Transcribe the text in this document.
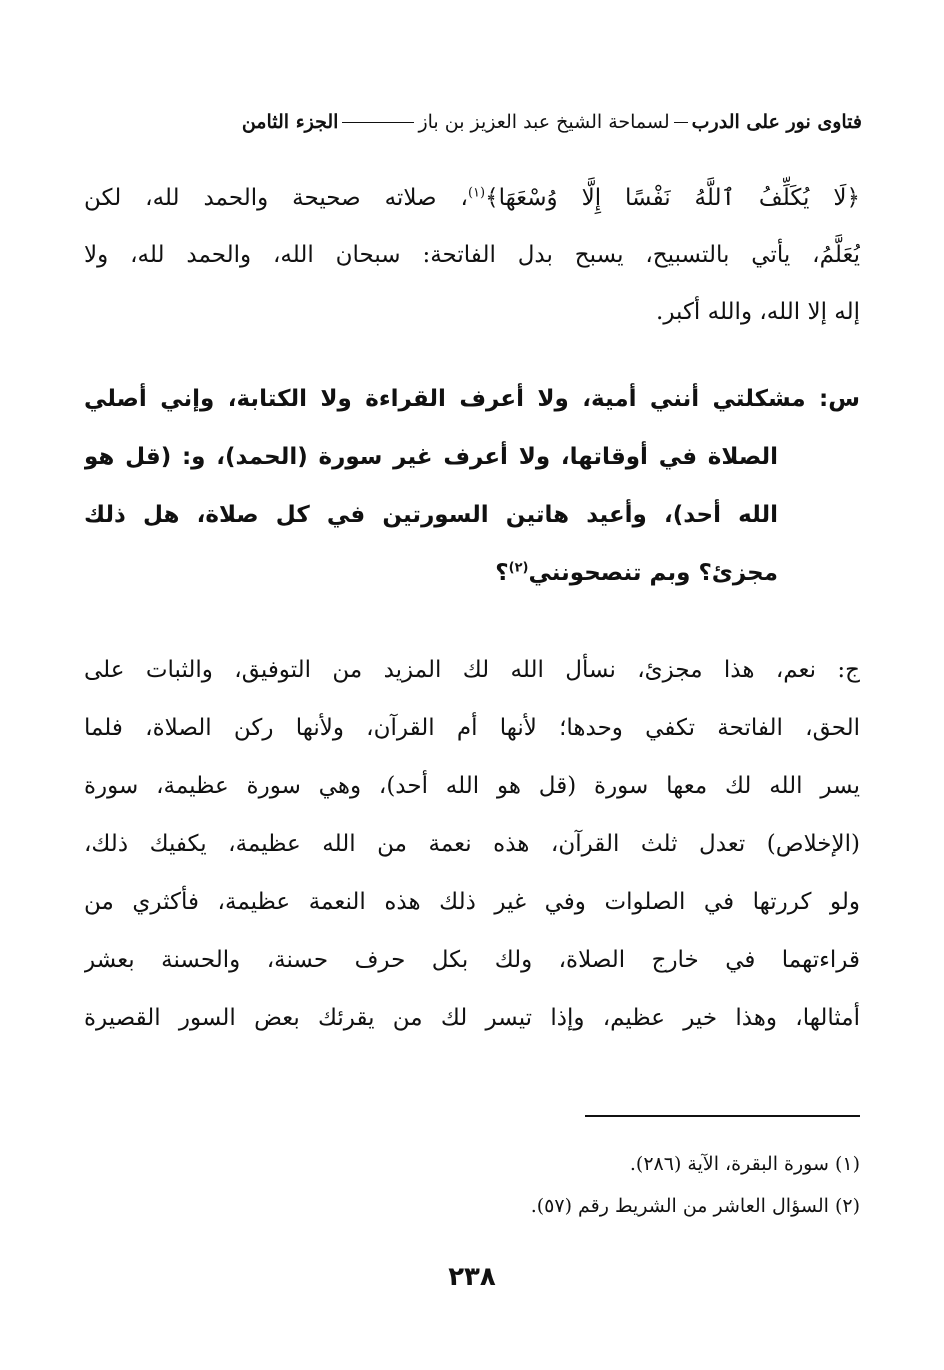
فتاوى نور على الدرب
لسماحة الشيخ عبد العزيز بن باز
الجزء الثامن
﴿لَا يُكَلِّفُ ٱللَّهُ نَفْسًا إِلَّا وُسْعَهَا﴾$^{(١)}$، صلاته صحيحة والحمد لله، لكن
يُعَلَّمُ، يأتي بالتسبيح، يسبح بدل الفاتحة: سبحان الله، والحمد لله، ولا
إله إلا الله، والله أكبر.
س: مشكلتي أنني أمية، ولا أعرف القراءة ولا الكتابة، وإني أصلي
الصلاة في أوقاتها، ولا أعرف غير سورة (الحمد)، و: (قل هو
الله أحد)، وأعيد هاتين السورتين في كل صلاة، هل ذلك
مجزئ؟ وبم تنصحونني$^{(٢)}$؟
ج: نعم، هذا مجزئ، نسأل الله لك المزيد من التوفيق، والثبات على
الحق، الفاتحة تكفي وحدها؛ لأنها أم القرآن، ولأنها ركن الصلاة، فلما
يسر الله لك معها سورة (قل هو الله أحد)، وهي سورة عظيمة، سورة
(الإخلاص) تعدل ثلث القرآن، هذه نعمة من الله عظيمة، يكفيك ذلك،
ولو كررتها في الصلوات وفي غير ذلك هذه النعمة عظيمة، فأكثري من
قراءتهما في خارج الصلاة، ولك بكل حرف حسنة، والحسنة بعشر
أمثالها، وهذا خير عظيم، وإذا تيسر لك من يقرئك بعض السور القصيرة
(١) سورة البقرة، الآية (٢٨٦).
(٢) السؤال العاشر من الشريط رقم (٥٧).
٢٣٨
